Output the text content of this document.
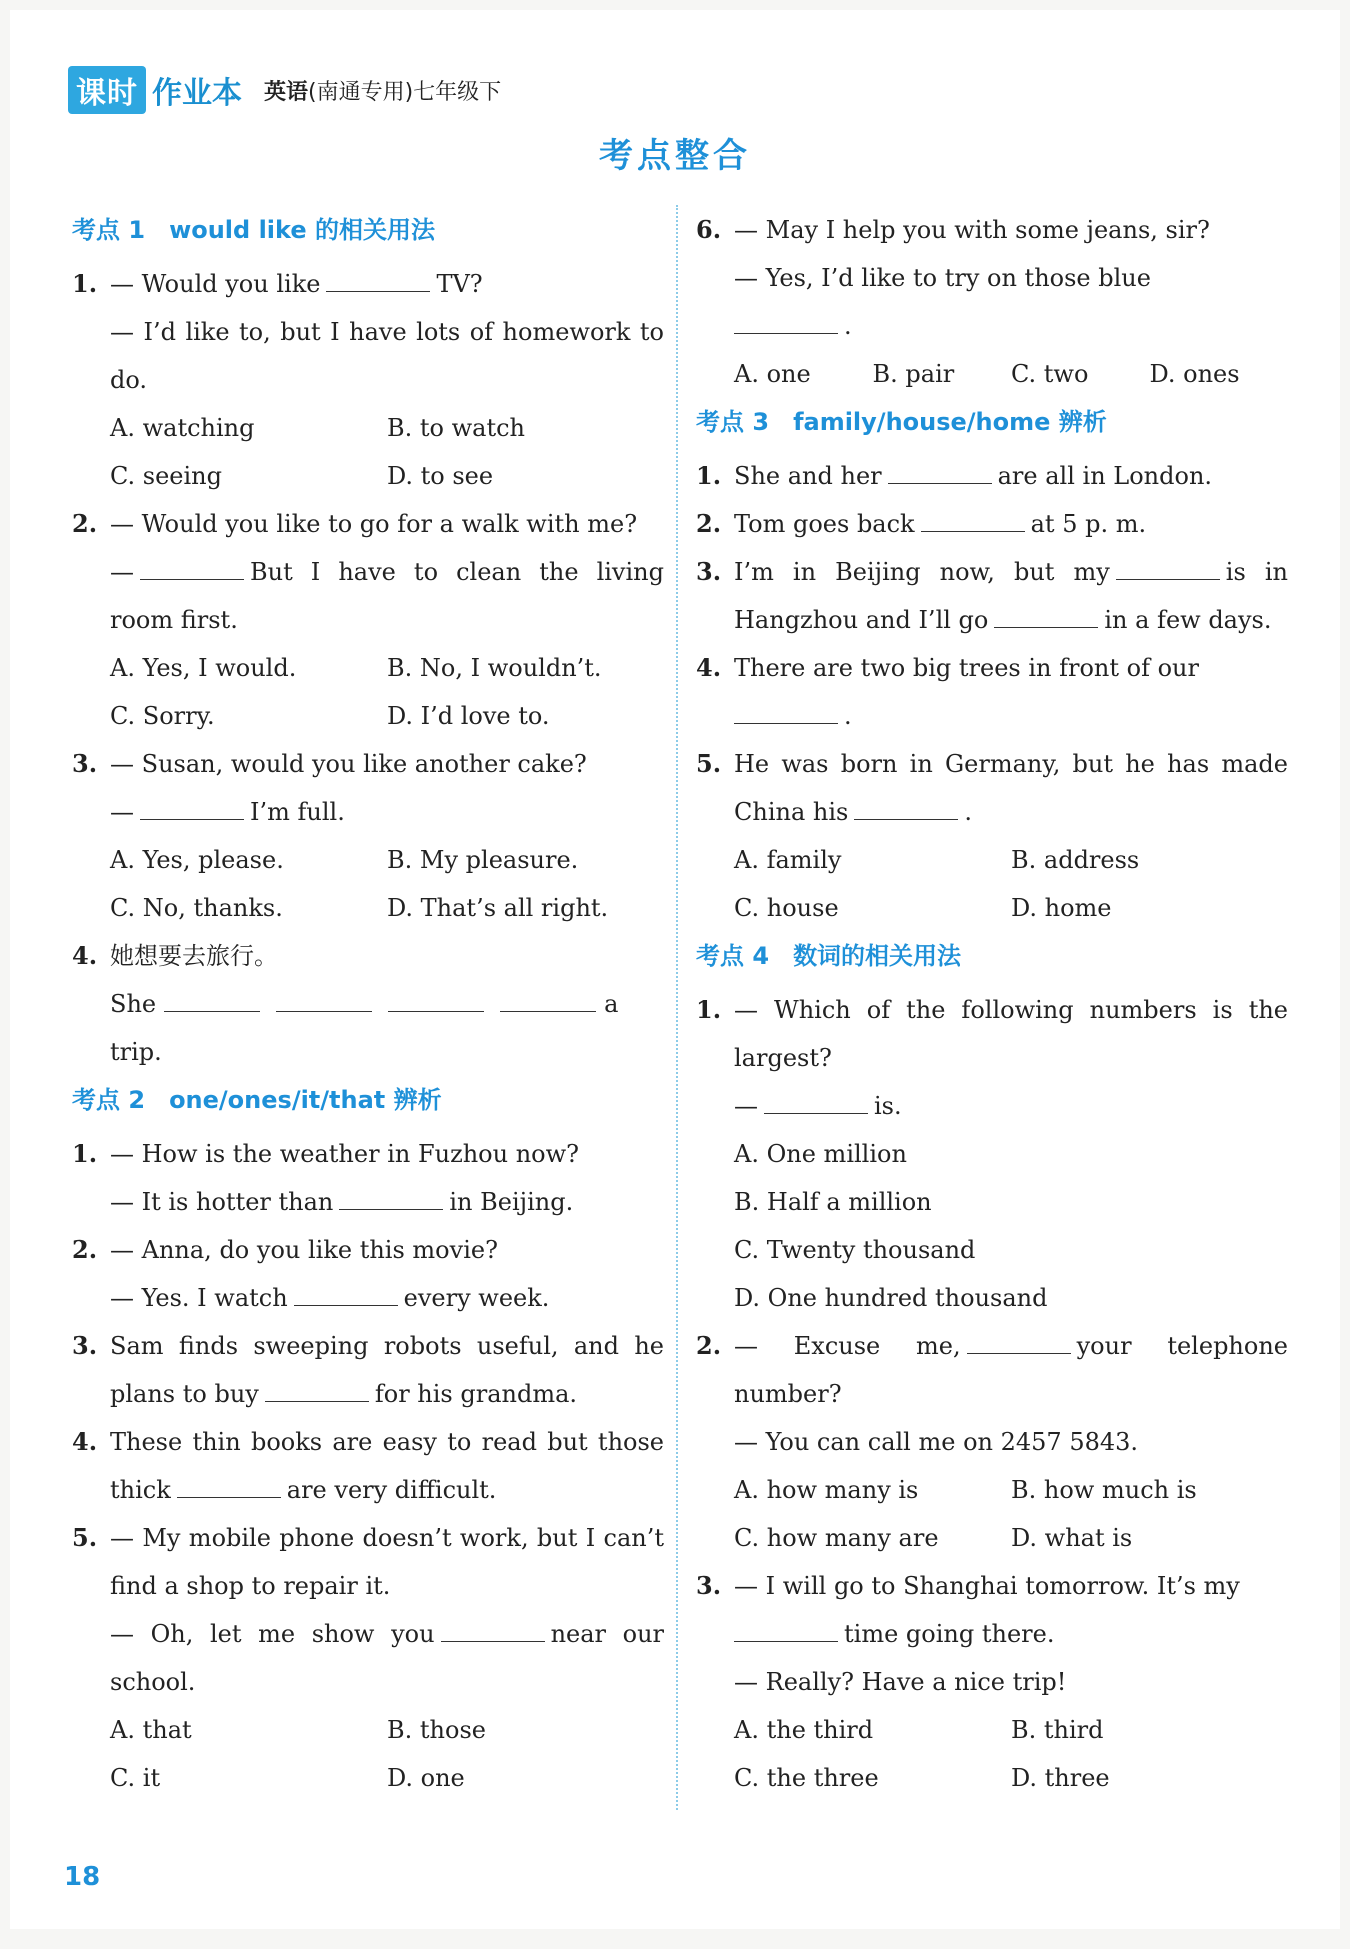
课时 作业本 英语(南通专用)七年级下
考点整合
考点 1 would like 的相关用法
1. — Would you like	TV?
— I’d like to, but I have lots of homework to do.
A. watching	B. to watch
C. seeing	D. to see
2. — Would you like to go for a walk with me?
—	But I have to clean the living room first.
A. Yes, I would.	B. No, I wouldn’t.
C. Sorry.	D. I’d love to.
3. — Susan, would you like another cake?
—	I’m full.
A. Yes, please.	B. My pleasure.
C. No, thanks.	D. That’s all right.
4. 她想要去旅行。
She	a trip.
考点 2 one/ones/it/that 辨析
1. — How is the weather in Fuzhou now?
— It is hotter than	in Beijing.
2. — Anna, do you like this movie?
— Yes. I watch	every week.
3. Sam finds sweeping robots useful, and he plans to buy	for his grandma.
4. These thin books are easy to read but those thick	are very difficult.
5. — My mobile phone doesn’t work, but I can’t find a shop to repair it.
— Oh, let me show you	near our school.
A. that	B. those
C. it	D. one
6. — May I help you with some jeans, sir?
— Yes, I’d like to try on those blue
.
A. one	B. pair	C. two	D. ones
考点 3 family/house/home 辨析
1. She and her	are all in London.
2. Tom goes back	at 5 p. m.
3. I’m in Beijing now, but my	is in Hangzhou and I’ll go	in a few days.
4. There are two big trees in front of our
.
5. He was born in Germany, but he has made China his	.
A. family	B. address
C. house	D. home
考点 4 数词的相关用法
1. — Which of the following numbers is the largest?
—	is.
A. One million
B. Half a million
C. Twenty thousand
D. One hundred thousand
2. — Excuse me,	your telephone number?
— You can call me on 2457 5843.
A. how many is	B. how much is
C. how many are	D. what is
3. — I will go to Shanghai tomorrow. It’s my
time going there.
— Really? Have a nice trip!
A. the third	B. third
C. the three	D. three
18
